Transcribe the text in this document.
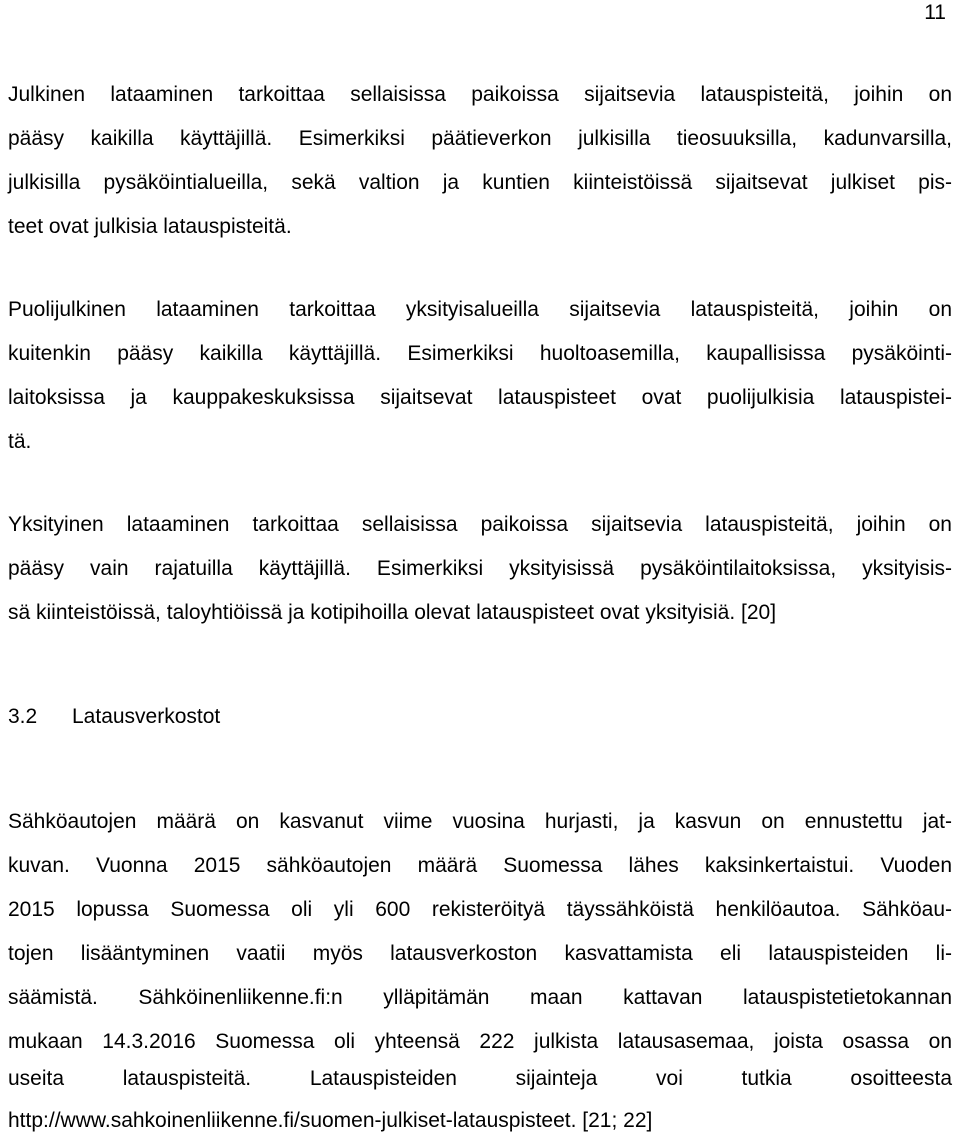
11
Julkinen lataaminen tarkoittaa sellaisissa paikoissa sijaitsevia latauspisteitä, joihin on
pääsy kaikilla käyttäjillä. Esimerkiksi päätieverkon julkisilla tieosuuksilla, kadunvarsilla,
julkisilla pysäköintialueilla, sekä valtion ja kuntien kiinteistöissä sijaitsevat julkiset pis-
teet ovat julkisia latauspisteitä.
Puolijulkinen lataaminen tarkoittaa yksityisalueilla sijaitsevia latauspisteitä, joihin on
kuitenkin pääsy kaikilla käyttäjillä. Esimerkiksi huoltoasemilla, kaupallisissa pysäköinti-
laitoksissa ja kauppakeskuksissa sijaitsevat latauspisteet ovat puolijulkisia latauspistei-
tä.
Yksityinen lataaminen tarkoittaa sellaisissa paikoissa sijaitsevia latauspisteitä, joihin on
pääsy vain rajatuilla käyttäjillä. Esimerkiksi yksityisissä pysäköintilaitoksissa, yksityisis-
sä kiinteistöissä, taloyhtiöissä ja kotipihoilla olevat latauspisteet ovat yksityisiä. [20]
3.2 Latausverkostot
Sähköautojen määrä on kasvanut viime vuosina hurjasti, ja kasvun on ennustettu jat-
kuvan. Vuonna 2015 sähköautojen määrä Suomessa lähes kaksinkertaistui. Vuoden
2015 lopussa Suomessa oli yli 600 rekisteröityä täyssähköistä henkilöautoa. Sähköau-
tojen lisääntyminen vaatii myös latausverkoston kasvattamista eli latauspisteiden li-
säämistä. Sähköinenliikenne.fi:n ylläpitämän maan kattavan latauspistetietokannan
mukaan 14.3.2016 Suomessa oli yhteensä 222 julkista latausasemaa, joista osassa on
useita latauspisteitä. Latauspisteiden sijainteja voi tutkia osoitteesta
http://www.sahkoinenliikenne.fi/suomen-julkiset-latauspisteet. [21; 22]
